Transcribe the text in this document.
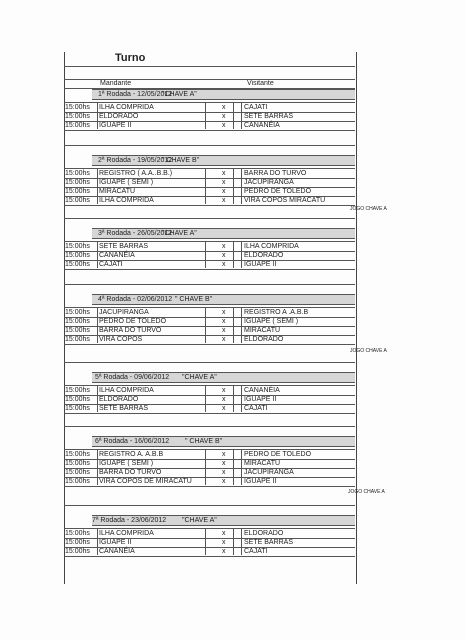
Turno
Mandante	Visitante
1ª Rodada - 12/05/2012
"CHAVE A"
15:00hs ILHA COMPRIDA	x	CAJATI
15:00hs ELDORADO	x	SETE BARRAS
15:00hs IGUAPE II	x	CANANÉIA
2ª Rodada - 19/05/2012
" CHAVE B"
15:00hs REGISTRO ( A.A..B.B.)	x	BARRA DO TURVO
15:00hs IGUAPE ( SEMI )	x	JACUPIRANGA
15:00hs MIRACATU	x	PEDRO DE TOLEDO
15:00hs ILHA COMPRIDA	x	VIRA COPOS MIRACATU
JOGO CHAVE A
3ª Rodada - 26/05/2012
"CHAVE A"
15:00hs SETE BARRAS	x	ILHA COMPRIDA
15:00hs CANANÉIA	x	ELDORADO
15:00hs CAJATI	x	IGUAPE II
4ª Rodada - 02/06/2012 " CHAVE B"
15:00hs JACUPIRANGA	x	REGISTRO A .A.B.B
15:00hs PEDRO DE TOLEDO	x	IGUAPE ( SEMI )
15:00hs BARRA DO TURVO	x	MIRACATU
15:00hs VIRA COPOS	x	ELDORADO
JOGO CHAVE A
5ª Rodada - 09/06/2012 "CHAVE A"
15:00hs ILHA COMPRIDA	x	CANANÉIA
15:00hs ELDORADO	x	IGUAPE II
15:00hs SETE BARRAS	x	CAJATI
6ª Rodada - 16/06/2012 " CHAVE B"
15:00hs REGISTRO A. A.B.B	x	PEDRO DE TOLEDO
15:00hs IGUAPE ( SEMI )	x	MIRACATU
15:00hs BARRA DO TURVO	x	JACUPIRANGA
15:00hs VIRA COPOS DE MIRACATU	x	IGUAPE II
JOGO CHAVE A
7ª Rodada - 23/06/2012 "CHAVE A"
15:00hs ILHA COMPRIDA	x	ELDORADO
15:00hs IGUAPE II	x	SETE BARRAS
15:00hs CANANÉIA	x	CAJATI
